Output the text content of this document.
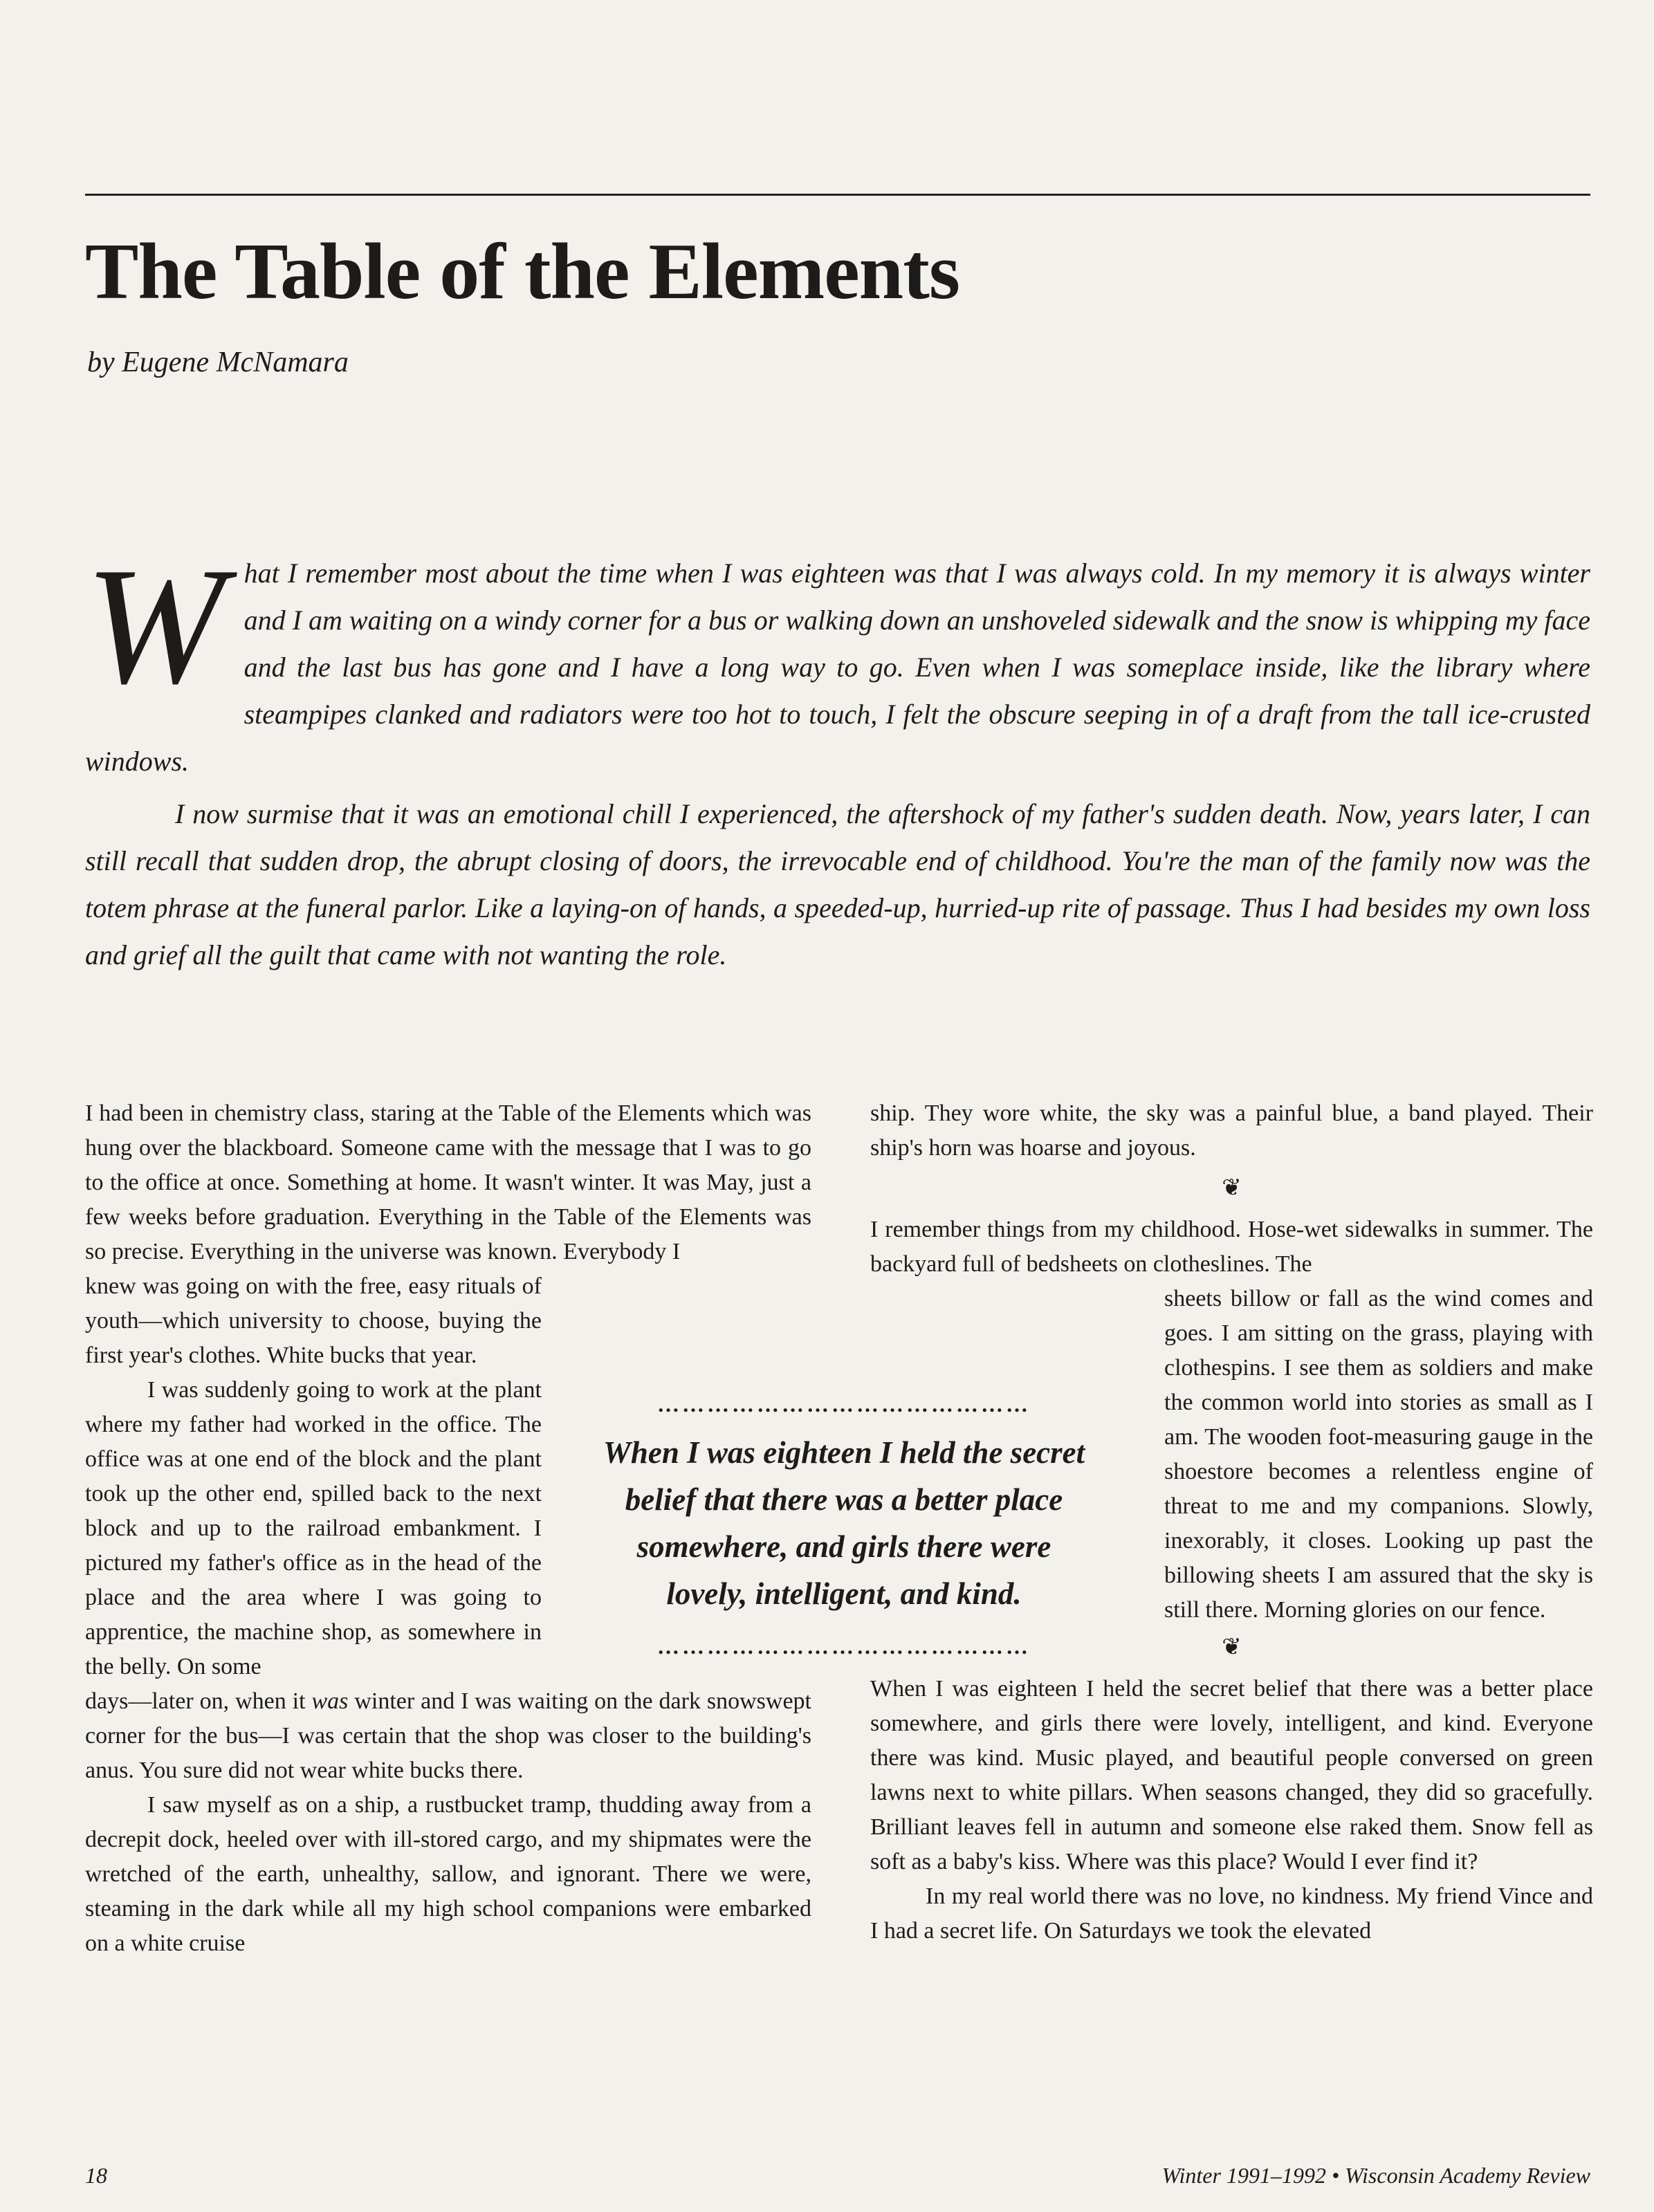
The Table of the Elements
by Eugene McNamara

What I remember most about the time when I was eighteen was that I was always cold. In my memory it is always winter and I am waiting on a windy corner for a bus or walking down an unshoveled sidewalk and the snow is whipping my face and the last bus has gone and I have a long way to go. Even when I was someplace inside, like the library where steampipes clanked and radiators were too hot to touch, I felt the obscure seeping in of a draft from the tall ice-crusted windows.

I now surmise that it was an emotional chill I experienced, the aftershock of my father's sudden death. Now, years later, I can still recall that sudden drop, the abrupt closing of doors, the irrevocable end of childhood. You're the man of the family now was the totem phrase at the funeral parlor. Like a laying-on of hands, a speeded-up, hurried-up rite of passage. Thus I had besides my own loss and grief all the guilt that came with not wanting the role.

I had been in chemistry class, staring at the Table of the Elements which was hung over the blackboard. Someone came with the message that I was to go to the office at once. Something at home. It wasn't winter. It was May, just a few weeks before graduation. Everything in the Table of the Elements was so precise. Everything in the universe was known. Everybody I

knew was going on with the free, easy rituals of youth—which university to choose, buying the first year's clothes. White bucks that year.

I was suddenly going to work at the plant where my father had worked in the office. The office was at one end of the block and the plant took up the other end, spilled back to the next block and up to the railroad embankment. I pictured my father's office as in the head of the place and the area where I was going to apprentice, the machine shop, as somewhere in the belly. On some

days—later on, when it was winter and I was waiting on the dark snowswept corner for the bus—I was certain that the shop was closer to the building's anus. You sure did not wear white bucks there.

I saw myself as on a ship, a rustbucket tramp, thudding away from a decrepit dock, heeled over with ill-stored cargo, and my shipmates were the wretched of the earth, unhealthy, sallow, and ignorant. There we were, steaming in the dark while all my high school companions were embarked on a white cruise

ship. They wore white, the sky was a painful blue, a band played. Their ship's horn was hoarse and joyous.

❦

I remember things from my childhood. Hose-wet sidewalks in summer. The backyard full of bedsheets on clotheslines. The

sheets billow or fall as the wind comes and goes. I am sitting on the grass, playing with clothespins. I see them as soldiers and make the common world into stories as small as I am. The wooden foot-measuring gauge in the shoestore becomes a relentless engine of threat to me and my companions. Slowly, inexorably, it closes. Looking up past the billowing sheets I am assured that the sky is still there. Morning glories on our fence.

❦

When I was eighteen I held the secret belief that there was a better place somewhere, and girls there were lovely, intelligent, and kind. Everyone there was kind. Music played, and beautiful people conversed on green lawns next to white pillars. When seasons changed, they did so gracefully. Brilliant leaves fell in autumn and someone else raked them. Snow fell as soft as a baby's kiss. Where was this place? Would I ever find it?

In my real world there was no love, no kindness. My friend Vince and I had a secret life. On Saturdays we took the elevated

………………………………………
When I was eighteen I held the secret belief that there was a better place somewhere, and girls there were lovely, intelligent, and kind.
………………………………………
18	Winter 1991–1992 • Wisconsin Academy Review
